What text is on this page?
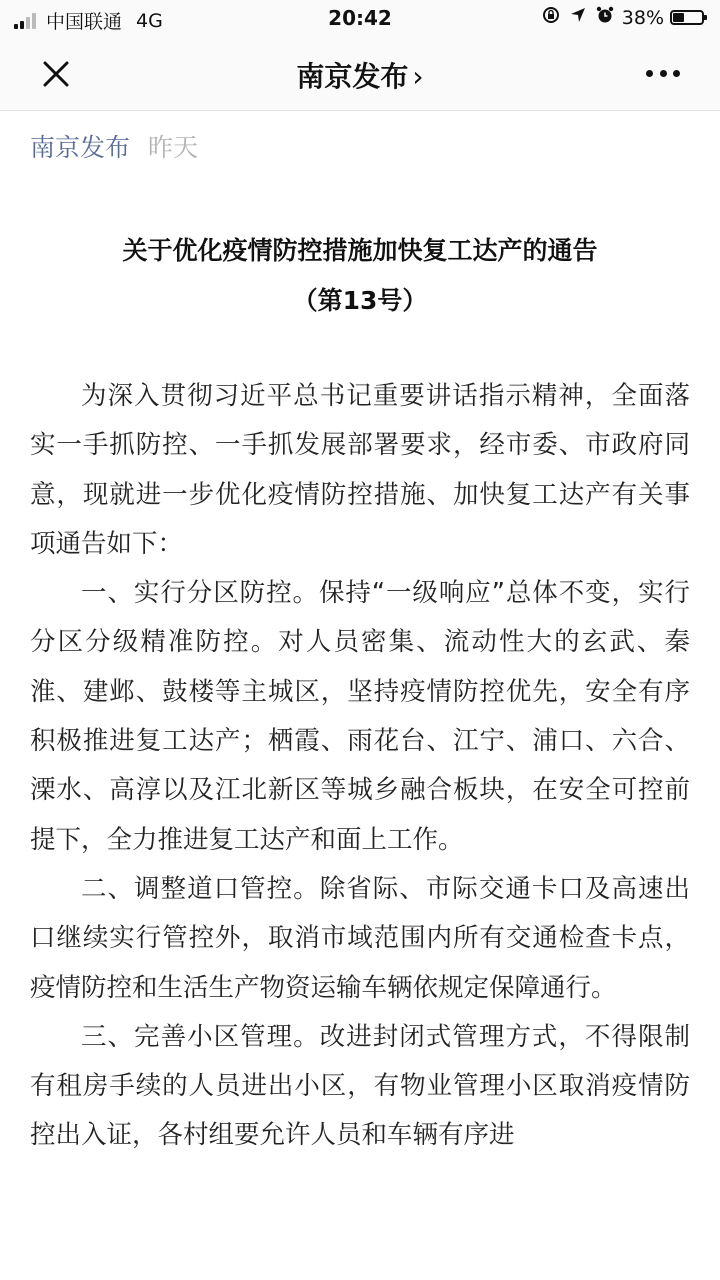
中国联通 4G	20:42	38%
南京发布 ›
南京发布 昨天
关于优化疫情防控措施加快复工达产的通告
（第13号）

为深入贯彻习近平总书记重要讲话指示精神，全面落实一手抓防控、一手抓发展部署要求，经市委、市政府同意，现就进一步优化疫情防控措施、加快复工达产有关事项通告如下：

一、实行分区防控。保持“一级响应”总体不变，实行分区分级精准防控。对人员密集、流动性大的玄武、秦淮、建邺、鼓楼等主城区，坚持疫情防控优先，安全有序积极推进复工达产；栖霞、雨花台、江宁、浦口、六合、溧水、高淳以及江北新区等城乡融合板块，在安全可控前提下，全力推进复工达产和面上工作。

二、调整道口管控。除省际、市际交通卡口及高速出口继续实行管控外，取消市域范围内所有交通检查卡点，疫情防控和生活生产物资运输车辆依规定保障通行。

三、完善小区管理。改进封闭式管理方式，不得限制有租房手续的人员进出小区，有物业管理小区取消疫情防控出入证，各村组要允许人员和车辆有序进
